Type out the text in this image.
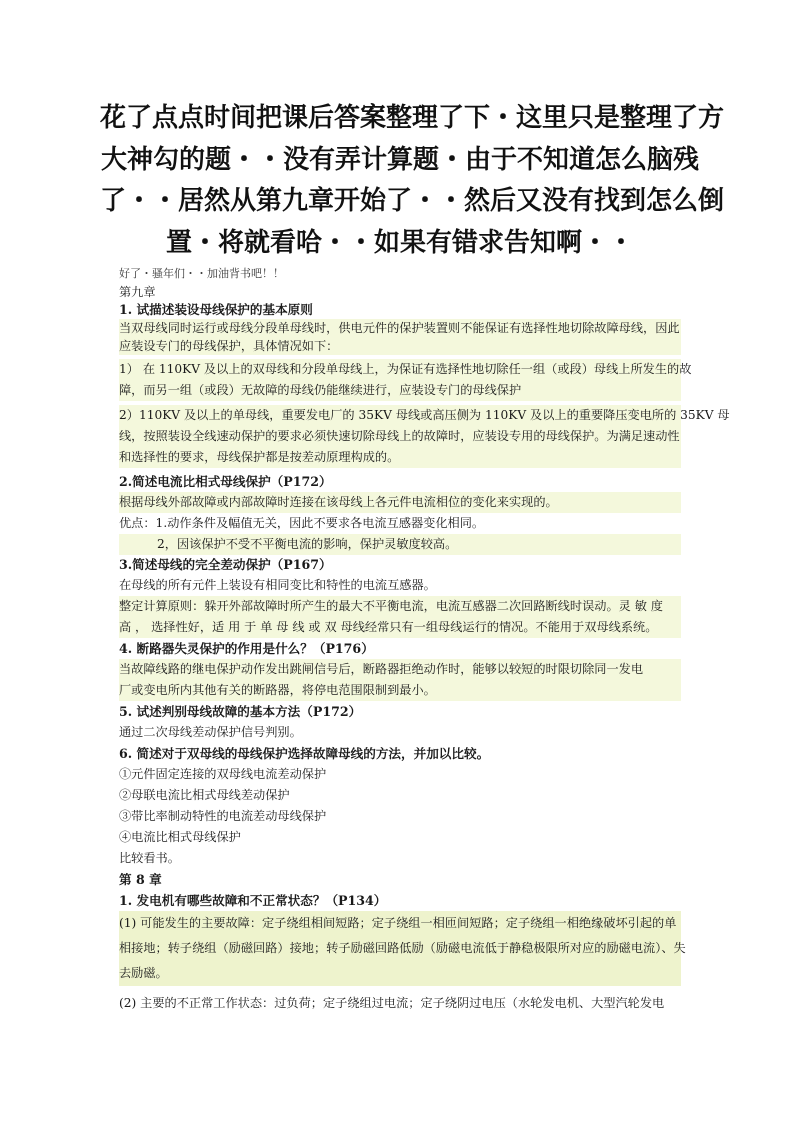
花了点点时间把课后答案整理了下・这里只是整理了方
大神勾的题・・没有弄计算题・由于不知道怎么脑残
了・・居然从第九章开始了・・然后又没有找到怎么倒
置・将就看哈・・如果有错求告知啊・・
好了・骚年们・・加油背书吧！！
第九章
1. 试描述装设母线保护的基本原则
当双母线同时运行或母线分段单母线时，供电元件的保护装置则不能保证有选择性地切除故障母线，因此
应装设专门的母线保护，具体情况如下：
1） 在 110KV 及以上的双母线和分段单母线上，为保证有选择性地切除任一组（或段）母线上所发生的故
障，而另一组（或段）无故障的母线仍能继续进行，应装设专门的母线保护
2）110KV 及以上的单母线，重要发电厂的 35KV 母线或高压侧为 110KV 及以上的重要降压变电所的 35KV 母
线，按照装设全线速动保护的要求必须快速切除母线上的故障时，应装设专用的母线保护。为满足速动性
和选择性的要求，母线保护都是按差动原理构成的。
2.简述电流比相式母线保护（P172）
根据母线外部故障或内部故障时连接在该母线上各元件电流相位的变化来实现的。
优点：1.动作条件及幅值无关，因此不要求各电流互感器变化相同。
2，因该保护不受不平衡电流的影响，保护灵敏度较高。
3.简述母线的完全差动保护（P167）
在母线的所有元件上装设有相同变比和特性的电流互感器。
整定计算原则：躲开外部故障时所产生的最大不平衡电流，电流互感器二次回路断线时误动。灵 敏 度
高 ， 选择性好，适 用 于 单 母 线 或 双 母线经常只有一组母线运行的情况。不能用于双母线系统。
4. 断路器失灵保护的作用是什么？（P176）
当故障线路的继电保护动作发出跳闸信号后，断路器拒绝动作时，能够以较短的时限切除同一发电
厂或变电所内其他有关的断路器，将停电范围限制到最小。
5. 试述判别母线故障的基本方法（P172）
通过二次母线差动保护信号判别。
6. 简述对于双母线的母线保护选择故障母线的方法，并加以比较。
①元件固定连接的双母线电流差动保护
②母联电流比相式母线差动保护
③带比率制动特性的电流差动母线保护
④电流比相式母线保护
比较看书。
第 8 章
1. 发电机有哪些故障和不正常状态？（P134）
(1) 可能发生的主要故障：定子绕组相间短路；定子绕组一相匝间短路；定子绕组一相绝缘破坏引起的单
相接地；转子绕组（励磁回路）接地；转子励磁回路低励（励磁电流低于静稳极限所对应的励磁电流）、失
去励磁。
(2) 主要的不正常工作状态：过负荷；定子绕组过电流；定子绕阴过电压（水轮发电机、大型汽轮发电
